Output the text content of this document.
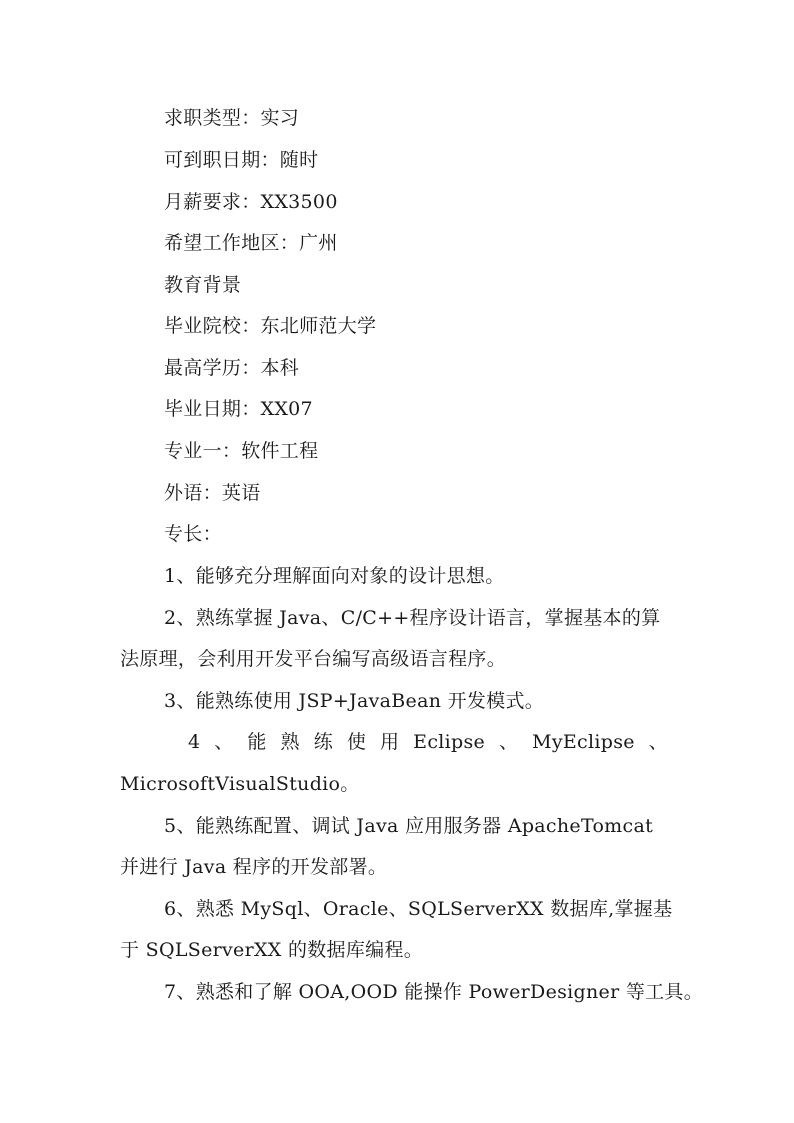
求职类型：实习
可到职日期：随时
月薪要求：XX3500
希望工作地区：广州
教育背景
毕业院校：东北师范大学
最高学历：本科
毕业日期：XX07
专业一：软件工程
外语：英语
专长：
1、能够充分理解面向对象的设计思想。
2、熟练掌握 Java、C/C++程序设计语言，掌握基本的算
法原理，会利用开发平台编写高级语言程序。
3、能熟练使用 JSP+JavaBean 开发模式。
4 、 能 熟 练 使 用 Eclipse 、 MyEclipse 、
MicrosoftVisualStudio。
5、能熟练配置、调试 Java 应用服务器 ApacheTomcat
并进行 Java 程序的开发部署。
6、熟悉 MySql、Oracle、SQLServerXX 数据库,掌握基
于 SQLServerXX 的数据库编程。
7、熟悉和了解 OOA,OOD 能操作 PowerDesigner 等工具。
